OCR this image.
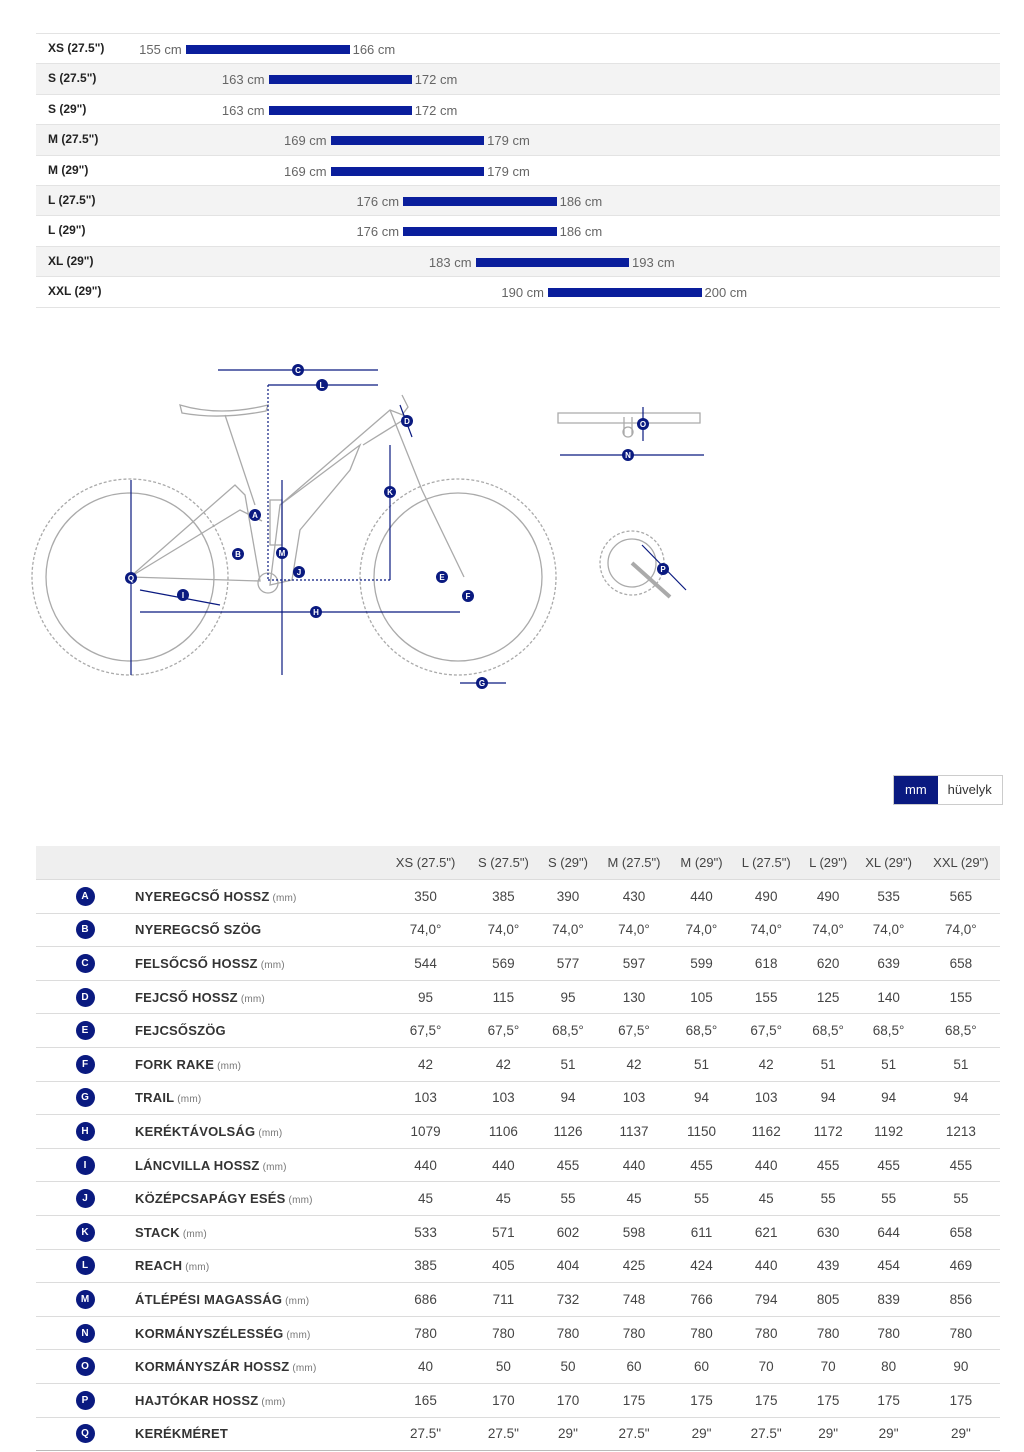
XS (27.5")	155 cm	166 cm
S (27.5")	163 cm	172 cm
S (29")	163 cm	172 cm
M (27.5")	169 cm	179 cm
M (29")	169 cm	179 cm
L (27.5")	176 cm	186 cm
L (29")	176 cm	186 cm
XL (29")	183 cm	193 cm
XXL (29")	190 cm	200 cm
A
B
C
D
E
F
G
H
I
J
K
L
M
N
O
P
Q
mm	hüvelyk
		XS (27.5")	S (27.5")	S (29")	M (27.5")	M (29")	L (27.5")	L (29")	XL (29")	XXL (29")
A	NYEREGCSŐ HOSSZ (mm)	350	385	390	430	440	490	490	535	565
B	NYEREGCSŐ SZÖG	74,0°	74,0°	74,0°	74,0°	74,0°	74,0°	74,0°	74,0°	74,0°
C	FELSŐCSŐ HOSSZ (mm)	544	569	577	597	599	618	620	639	658
D	FEJCSŐ HOSSZ (mm)	95	115	95	130	105	155	125	140	155
E	FEJCSŐSZÖG	67,5°	67,5°	68,5°	67,5°	68,5°	67,5°	68,5°	68,5°	68,5°
F	FORK RAKE (mm)	42	42	51	42	51	42	51	51	51
G	TRAIL (mm)	103	103	94	103	94	103	94	94	94
H	KERÉKTÁVOLSÁG (mm)	1079	1106	1126	1137	1150	1162	1172	1192	1213
I	LÁNCVILLA HOSSZ (mm)	440	440	455	440	455	440	455	455	455
J	KÖZÉPCSAPÁGY ESÉS (mm)	45	45	55	45	55	45	55	55	55
K	STACK (mm)	533	571	602	598	611	621	630	644	658
L	REACH (mm)	385	405	404	425	424	440	439	454	469
M	ÁTLÉPÉSI MAGASSÁG (mm)	686	711	732	748	766	794	805	839	856
N	KORMÁNYSZÉLESSÉG (mm)	780	780	780	780	780	780	780	780	780
O	KORMÁNYSZÁR HOSSZ (mm)	40	50	50	60	60	70	70	80	90
P	HAJTÓKAR HOSSZ (mm)	165	170	170	175	175	175	175	175	175
Q	KERÉKMÉRET	27.5"	27.5"	29"	27.5"	29"	27.5"	29"	29"	29"
